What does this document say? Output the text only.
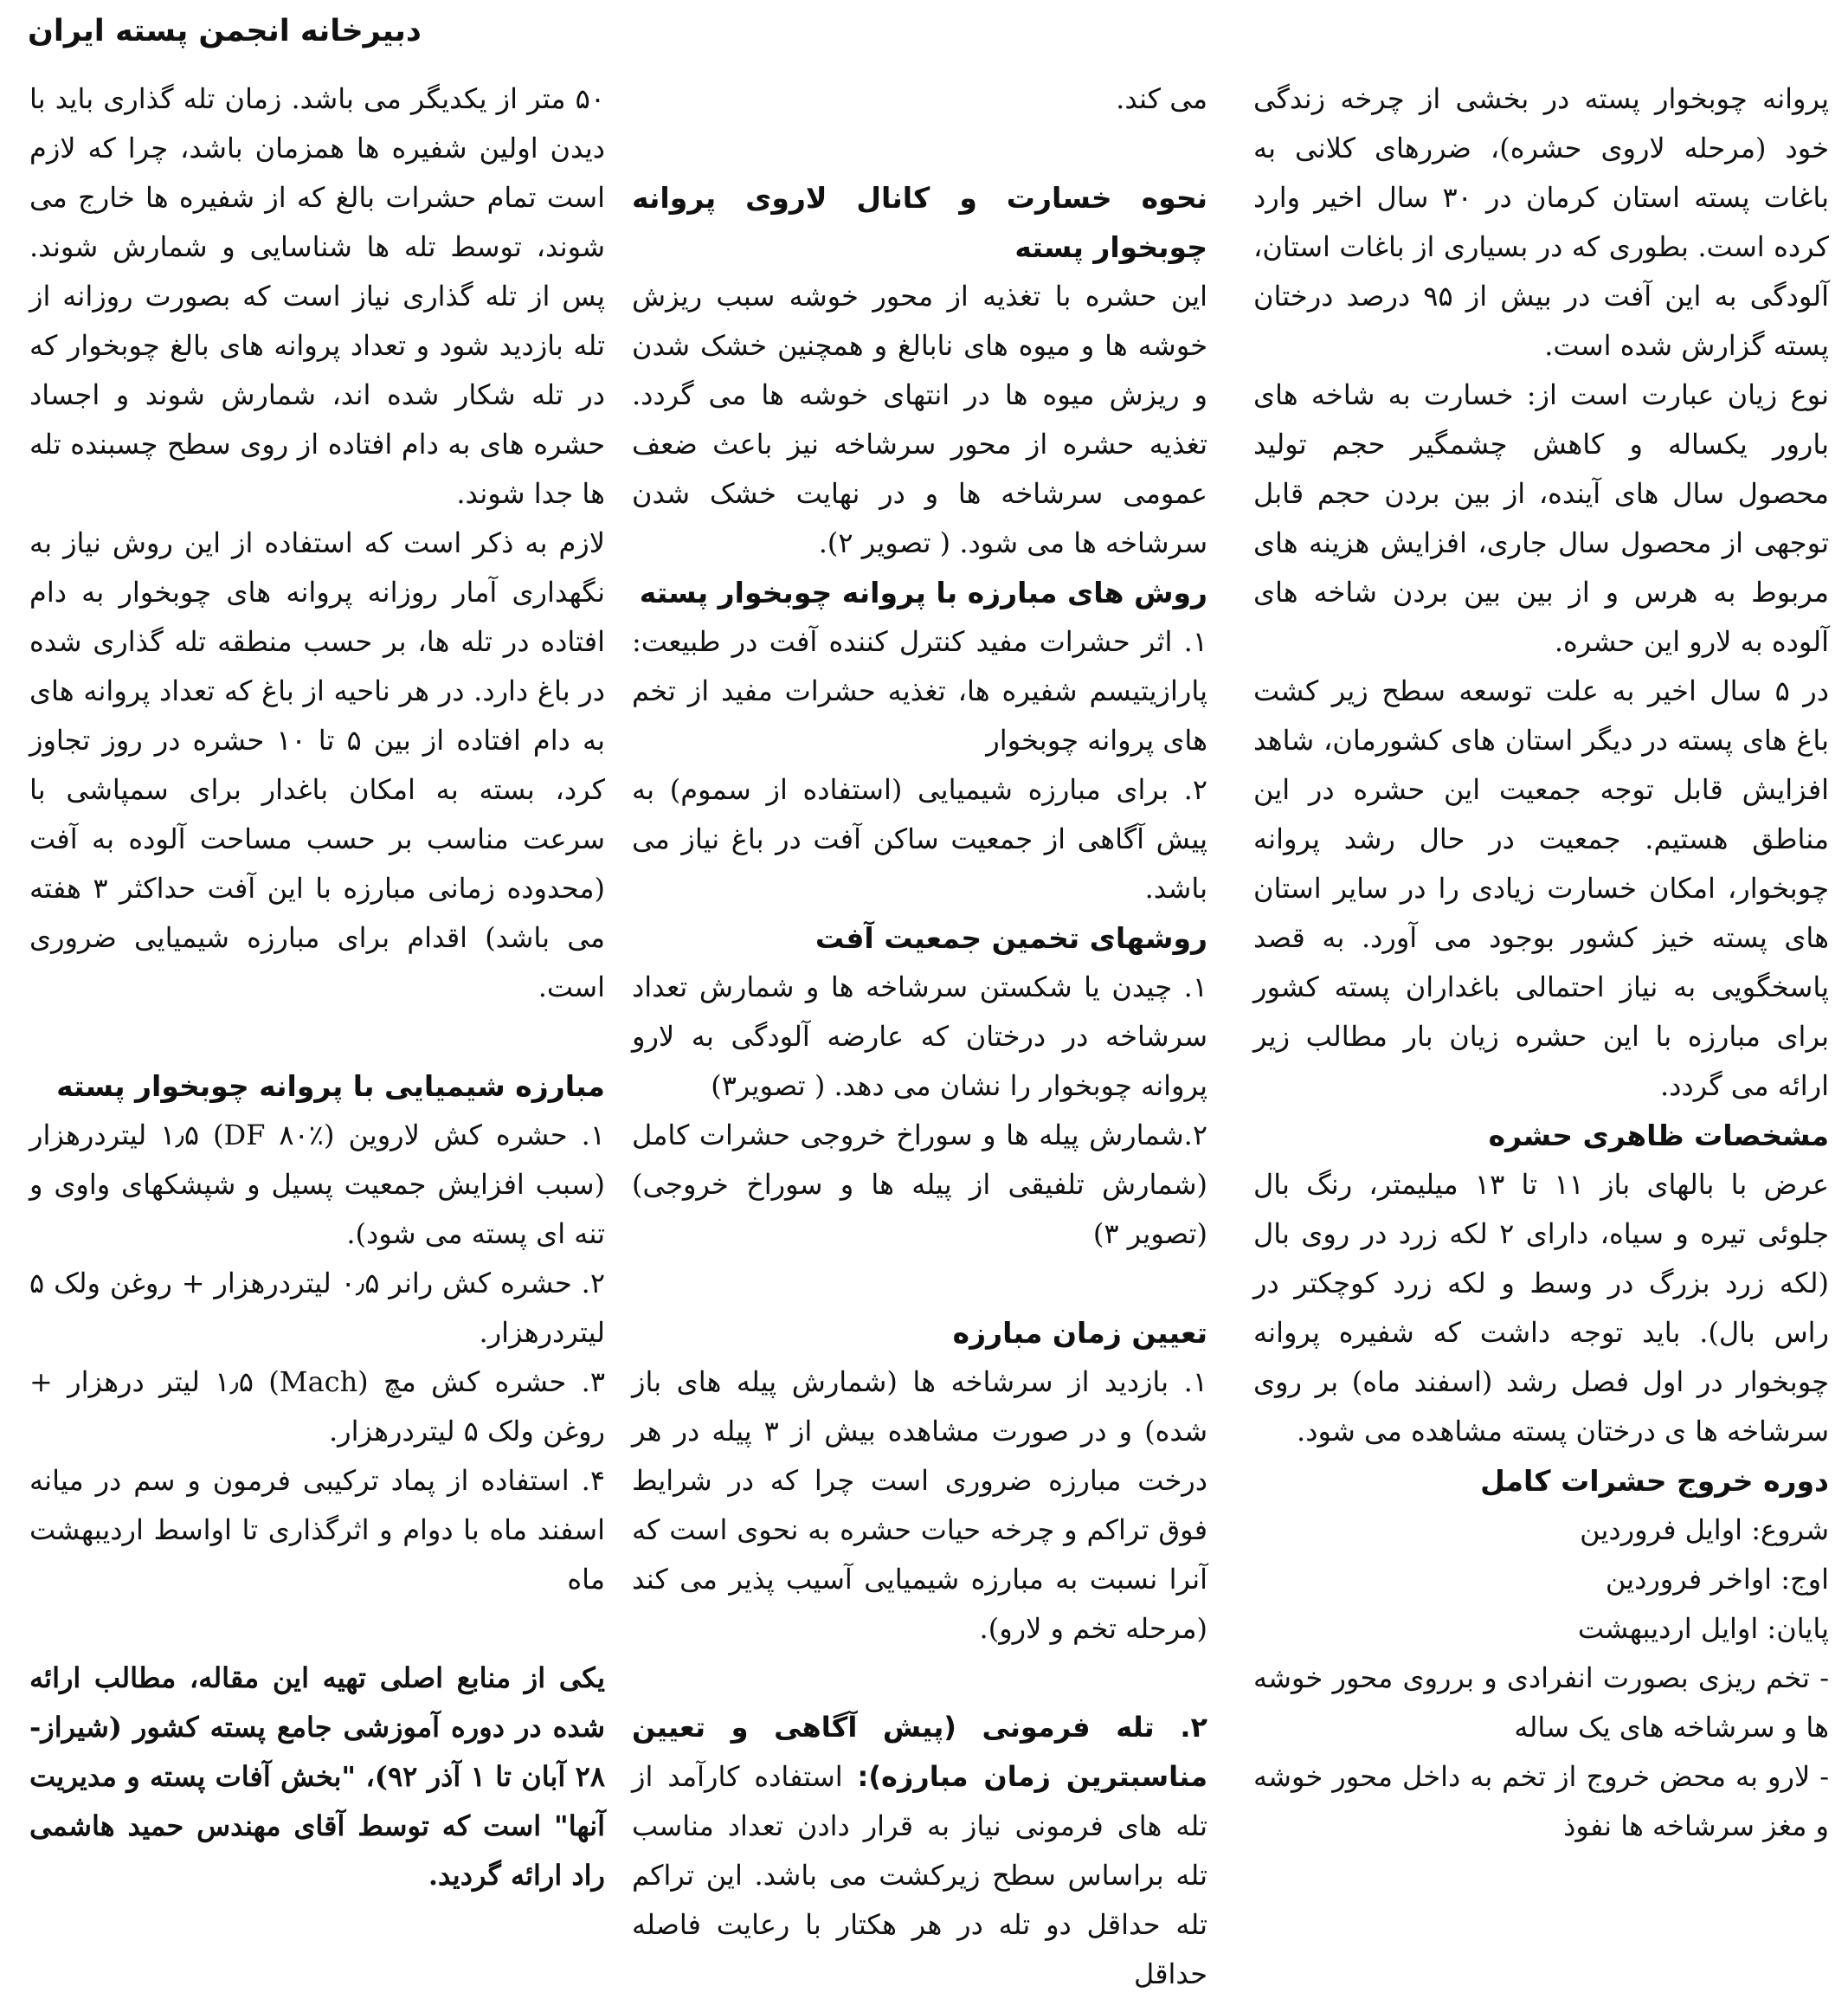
دبیرخانه انجمن پسته ایران

پروانه چوبخوار پسته در بخشی از چرخه زندگی خود (مرحله لاروی حشره)، ضررهای کلانی به باغات پسته استان کرمان در ۳۰ سال اخیر وارد کرده است. بطوری که در بسیاری از باغات استان، آلودگی به این آفت در بیش از ۹۵ درصد درختان پسته گزارش شده است.

نوع زیان عبارت است از: خسارت به شاخه های بارور یکساله و کاهش چشمگیر حجم تولید محصول سال های آینده، از بین بردن حجم قابل توجهی از محصول سال جاری، افزایش هزینه های مربوط به هرس و از بین بین بردن شاخه های آلوده به لارو این حشره.

در ۵ سال اخیر به علت توسعه سطح زیر کشت باغ های پسته در دیگر استان های کشورمان، شاهد افزایش قابل توجه جمعیت این حشره در این مناطق هستیم. جمعیت در حال رشد پروانه چوبخوار، امکان خسارت زیادی را در سایر استان های پسته خیز کشور بوجود می آورد. به قصد پاسخگویی به نیاز احتمالی باغداران پسته کشور برای مبارزه با این حشره زیان بار مطالب زیر ارائه می گردد.

مشخصات ظاهری حشره

عرض با بالهای باز ۱۱ تا ۱۳ میلیمتر، رنگ بال جلوئی تیره و سیاه، دارای ۲ لکه زرد در روی بال (لکه زرد بزرگ در وسط و لکه زرد کوچکتر در راس بال). باید توجه داشت که شفیره پروانه چوبخوار در اول فصل رشد (اسفند ماه) بر روی سرشاخه ها ی درختان پسته مشاهده می شود.

دوره خروج حشرات کامل

شروع: اوایل فروردین

اوج: اواخر فروردین

پایان: اوایل اردیبهشت

- تخم ریزی بصورت انفرادی و برروی محور خوشه ها و سرشاخه های یک ساله

- لارو به محض خروج از تخم به داخل محور خوشه و مغز سرشاخه ها نفوذ

می کند.

نحوه خسارت و کانال لاروی پروانه چوبخوار پسته

این حشره با تغذیه از محور خوشه سبب ریزش خوشه ها و میوه های نابالغ و همچنین خشک شدن و ریزش میوه ها در انتهای خوشه ها می گردد. تغذیه حشره از محور سرشاخه نیز باعث ضعف عمومی سرشاخه ها و در نهایت خشک شدن سرشاخه ها می شود. ( تصویر ۲).

روش های مبارزه با پروانه چوبخوار پسته

۱. اثر حشرات مفید کنترل کننده آفت در طبیعت: پارازیتیسم شفیره ها، تغذیه حشرات مفید از تخم های پروانه چوبخوار

۲. برای مبارزه شیمیایی (استفاده از سموم) به پیش آگاهی از جمعیت ساکن آفت در باغ نیاز می باشد.

روشهای تخمین جمعیت آفت

۱. چیدن یا شکستن سرشاخه ها و شمارش تعداد سرشاخه در درختان که عارضه آلودگی به لارو پروانه چوبخوار را نشان می دهد. ( تصویر۳)

۲.شمارش پیله ها و سوراخ خروجی حشرات کامل (شمارش تلفیقی از پیله ها و سوراخ خروجی) (تصویر ۳)

تعیین زمان مبارزه

۱. بازدید از سرشاخه ها (شمارش پیله های باز شده) و در صورت مشاهده بیش از ۳ پیله در هر درخت مبارزه ضروری است چرا که در شرایط فوق تراکم و چرخه حیات حشره به نحوی است که آنرا نسبت به مبارزه شیمیایی آسیب پذیر می کند (مرحله تخم و لارو).

۲. تله فرمونی (پیش آگاهی و تعیین مناسبترین زمان مبارزه): استفاده کارآمد از تله های فرمونی نیاز به قرار دادن تعداد مناسب تله براساس سطح زیرکشت می باشد. این تراکم تله حداقل دو تله در هر هکتار با رعایت فاصله حداقل

۵۰ متر از یکدیگر می باشد. زمان تله گذاری باید با دیدن اولین شفیره ها همزمان باشد، چرا که لازم است تمام حشرات بالغ که از شفیره ها خارج می شوند، توسط تله ها شناسایی و شمارش شوند. پس از تله گذاری نیاز است که بصورت روزانه از تله بازدید شود و تعداد پروانه های بالغ چوبخوار که در تله شکار شده اند، شمارش شوند و اجساد حشره های به دام افتاده از روی سطح چسبنده تله ها جدا شوند.

لازم به ذکر است که استفاده از این روش نیاز به نگهداری آمار روزانه پروانه های چوبخوار به دام افتاده در تله ها، بر حسب منطقه تله گذاری شده در باغ دارد. در هر ناحیه از باغ که تعداد پروانه های به دام افتاده از بین ۵ تا ۱۰ حشره در روز تجاوز کرد، بسته به امکان باغدار برای سمپاشی با سرعت مناسب بر حسب مساحت آلوده به آفت (محدوده زمانی مبارزه با این آفت حداکثر ۳ هفته می باشد) اقدام برای مبارزه شیمیایی ضروری است.

مبارزه شیمیایی با پروانه چوبخوار پسته

۱. حشره کش لاروین (DF ۸۰٪) ۱٫۵ لیتردرهزار (سبب افزایش جمعیت پسیل و شپشکهای واوی و تنه ای پسته می شود).

۲. حشره کش رانر ۰٫۵ لیتردرهزار + روغن ولک ۵ لیتردرهزار.

۳. حشره کش مچ (Mach) ۱٫۵ لیتر درهزار + روغن ولک ۵ لیتردرهزار.

۴. استفاده از پماد ترکیبی فرمون و سم در میانه اسفند ماه با دوام و اثرگذاری تا اواسط اردیبهشت ماه

یکی از منابع اصلی تهیه این مقاله، مطالب ارائه شده در دوره آموزشی جامع پسته کشور (شیراز- ۲۸ آبان تا ۱ آذر ۹۲)، "بخش آفات پسته و مدیریت آنها" است که توسط آقای مهندس حمید هاشمی راد ارائه گردید.
